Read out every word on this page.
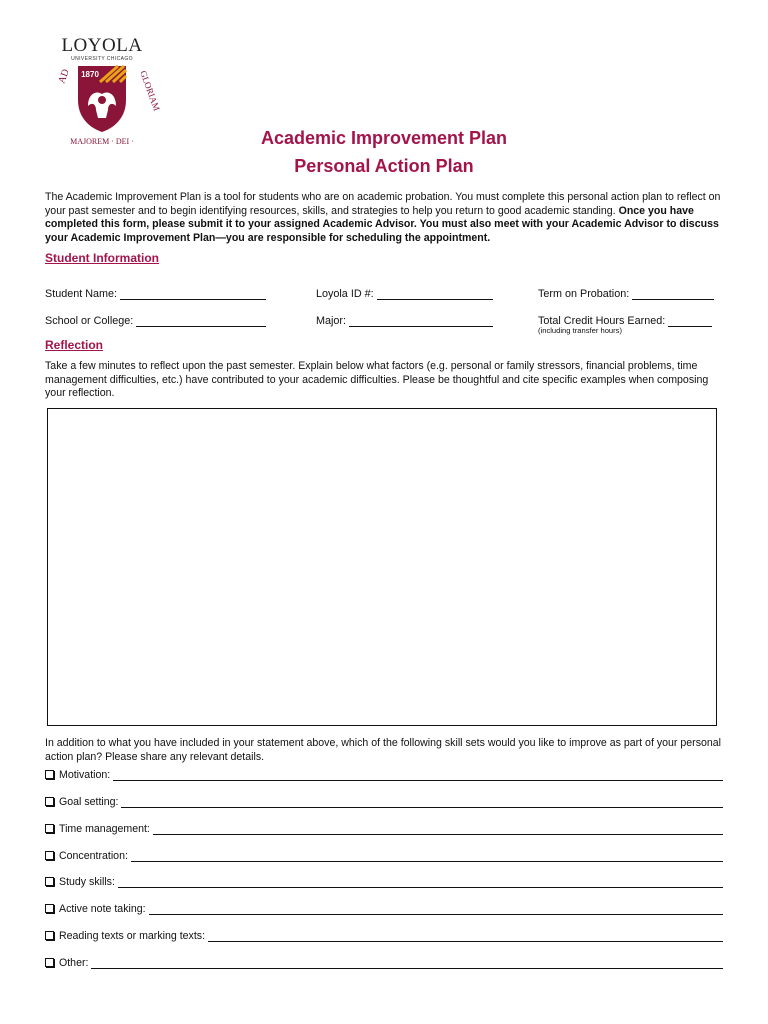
LOYOLA
UNIVERSITY CHICAGO
AD	GLORIAM
MAJOREM · DEI ·
1870
Academic Improvement Plan
Personal Action Plan
The Academic Improvement Plan is a tool for students who are on academic probation. You must complete this personal action plan to reflect on your past semester and to begin identifying resources, skills, and strategies to help you return to good academic standing. Once you have completed this form, please submit it to your assigned Academic Advisor. You must also meet with your Academic Advisor to discuss your Academic Improvement Plan—you are responsible for scheduling the appointment.
Student Information
Student Name:	Loyola ID #:	Term on Probation:
School or College:	Major:	Total Credit Hours Earned:
(including transfer hours)
Reflection
Take a few minutes to reflect upon the past semester. Explain below what factors (e.g. personal or family stressors, financial problems, time management difficulties, etc.) have contributed to your academic difficulties. Please be thoughtful and cite specific examples when composing your reflection.
In addition to what you have included in your statement above, which of the following skill sets would you like to improve as part of your personal action plan? Please share any relevant details.
Motivation:
Goal setting:
Time management:
Concentration:
Study skills:
Active note taking:
Reading texts or marking texts:
Other:
